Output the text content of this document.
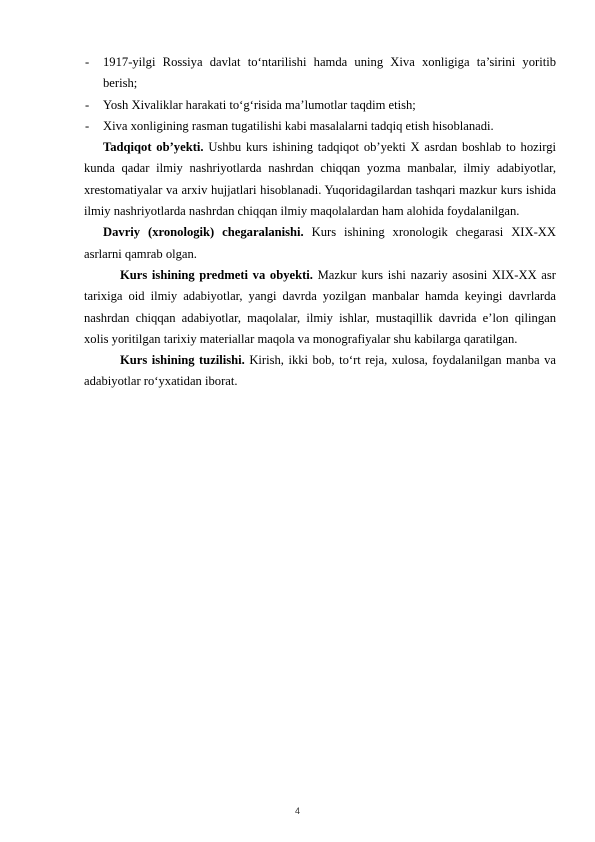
- 1917-yilgi Rossiya davlat to‘ntarilishi hamda uning Xiva xonligiga ta’sirini yoritib berish;
- Yosh Xivaliklar harakati to‘g‘risida ma’lumotlar taqdim etish;
- Xiva xonligining rasman tugatilishi kabi masalalarni tadqiq etish hisoblanadi.

Tadqiqot ob’yekti. Ushbu kurs ishining tadqiqot ob’yekti X asrdan boshlab to hozirgi kunda qadar ilmiy nashriyotlarda nashrdan chiqqan yozma manbalar, ilmiy adabiyotlar, xrestomatiyalar va arxiv hujjatlari hisoblanadi. Yuqoridagilardan tashqari mazkur kurs ishida ilmiy nashriyotlarda nashrdan chiqqan ilmiy maqolalardan ham alohida foydalanilgan.

Davriy (xronologik) chegaralanishi. Kurs ishining xronologik chegarasi XIX-XX asrlarni qamrab olgan.

Kurs ishining predmeti va obyekti. Mazkur kurs ishi nazariy asosini XIX-XX asr tarixiga oid ilmiy adabiyotlar, yangi davrda yozilgan manbalar hamda keyingi davrlarda nashrdan chiqqan adabiyotlar, maqolalar, ilmiy ishlar, mustaqillik davrida e’lon qilingan xolis yoritilgan tarixiy materiallar maqola va monografiyalar shu kabilarga qaratilgan.

Kurs ishining tuzilishi. Kirish, ikki bob, to‘rt reja, xulosa, foydalanilgan manba va adabiyotlar ro‘yxatidan iborat.

4
